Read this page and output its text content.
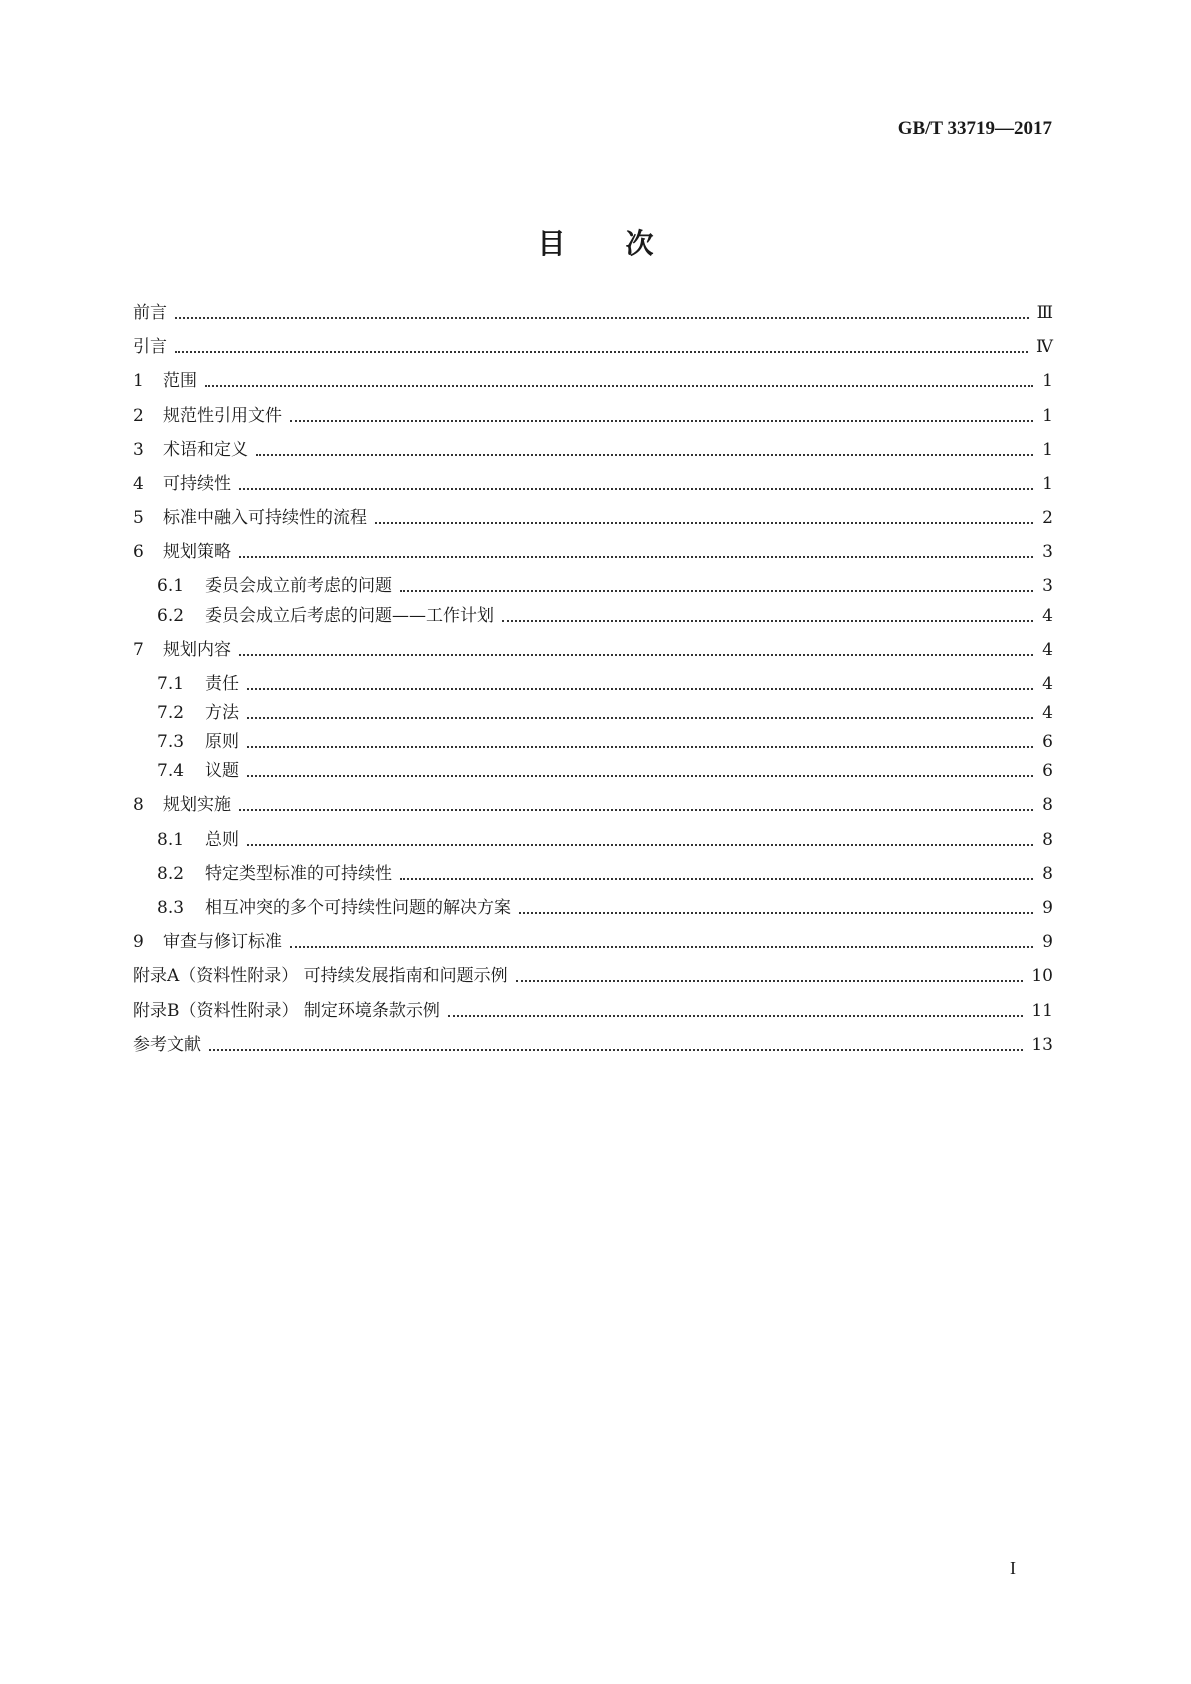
GB/T 33719—2017
目次
前言	Ⅲ
引言	Ⅳ
1	范围	1
2	规范性引用文件	1
3	术语和定义	1
4	可持续性	1
5	标准中融入可持续性的流程	2
6	规划策略	3
6.1	委员会成立前考虑的问题	3
6.2	委员会成立后考虑的问题——工作计划	4
7	规划内容	4
7.1	责任	4
7.2	方法	4
7.3	原则	6
7.4	议题	6
8	规划实施	8
8.1	总则	8
8.2	特定类型标准的可持续性	8
8.3	相互冲突的多个可持续性问题的解决方案	9
9	审查与修订标准	9
附录A（资料性附录） 可持续发展指南和问题示例	10
附录B（资料性附录） 制定环境条款示例	11
参考文献	13
I
